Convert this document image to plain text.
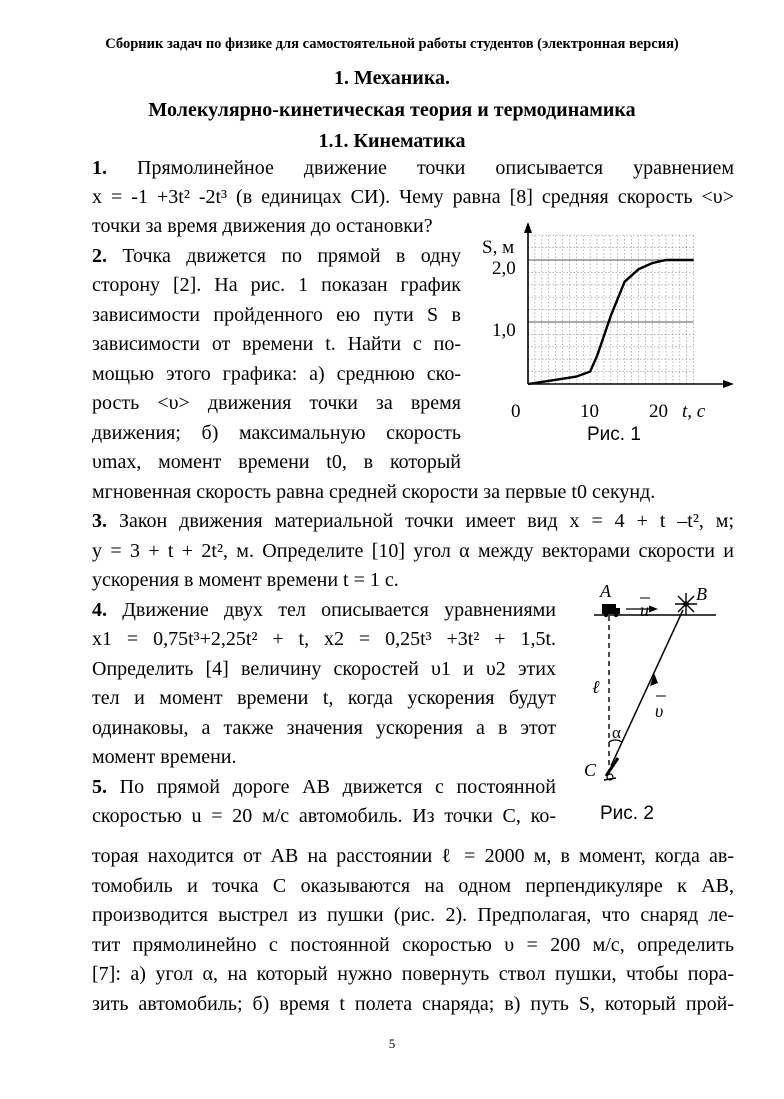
Сборник задач по физике для самостоятельной работы студентов (электронная версия)
1. Механика.
Молекулярно-кинетическая теория и термодинамика
1.1. Кинематика
1. Прямолинейное движение точки описывается уравнением
x = -1 +3t² -2t³ (в единицах СИ). Чему равна [8] средняя скорость <υ>
точки за время движения до остановки?
2. Точка движется по прямой в одну
сторону [2]. На рис. 1 показан график
зависимости пройденного ею пути S в
зависимости от времени t. Найти с по-
мощью этого графика: а) среднюю ско-
рость <υ> движения точки за время
движения; б) максимальную скорость
υmax, момент времени t0, в который
мгновенная скорость равна средней скорости за первые t0 секунд.
3. Закон движения материальной точки имеет вид x = 4 + t –t², м;
y = 3 + t + 2t², м. Определите [10] угол α между векторами скорости и
ускорения в момент времени t = 1 с.
4. Движение двух тел описывается уравнениями
x1 = 0,75t³+2,25t² + t, x2 = 0,25t³ +3t² + 1,5t.
Определить [4] величину скоростей υ1 и υ2 этих
тел и момент времени t, когда ускорения будут
одинаковы, а также значения ускорения a в этот
момент времени.
5. По прямой дороге AB движется с постоянной
скоростью u = 20 м/с автомобиль. Из точки C, ко-
торая находится от AB на расстоянии ℓ = 2000 м, в момент, когда ав-
томобиль и точка C оказываются на одном перпендикуляре к AB,
производится выстрел из пушки (рис. 2). Предполагая, что снаряд ле-
тит прямолинейно с постоянной скоростью υ = 200 м/с, определить
[7]: а) угол α, на который нужно повернуть ствол пушки, чтобы пора-
зить автомобиль; б) время t полета снаряда; в) путь S, который прой-
S, м
2,0
1,0
0	10	20 t, с
Рис. 1
u
A	B
υ
ℓ
α
C
Рис. 2
5
